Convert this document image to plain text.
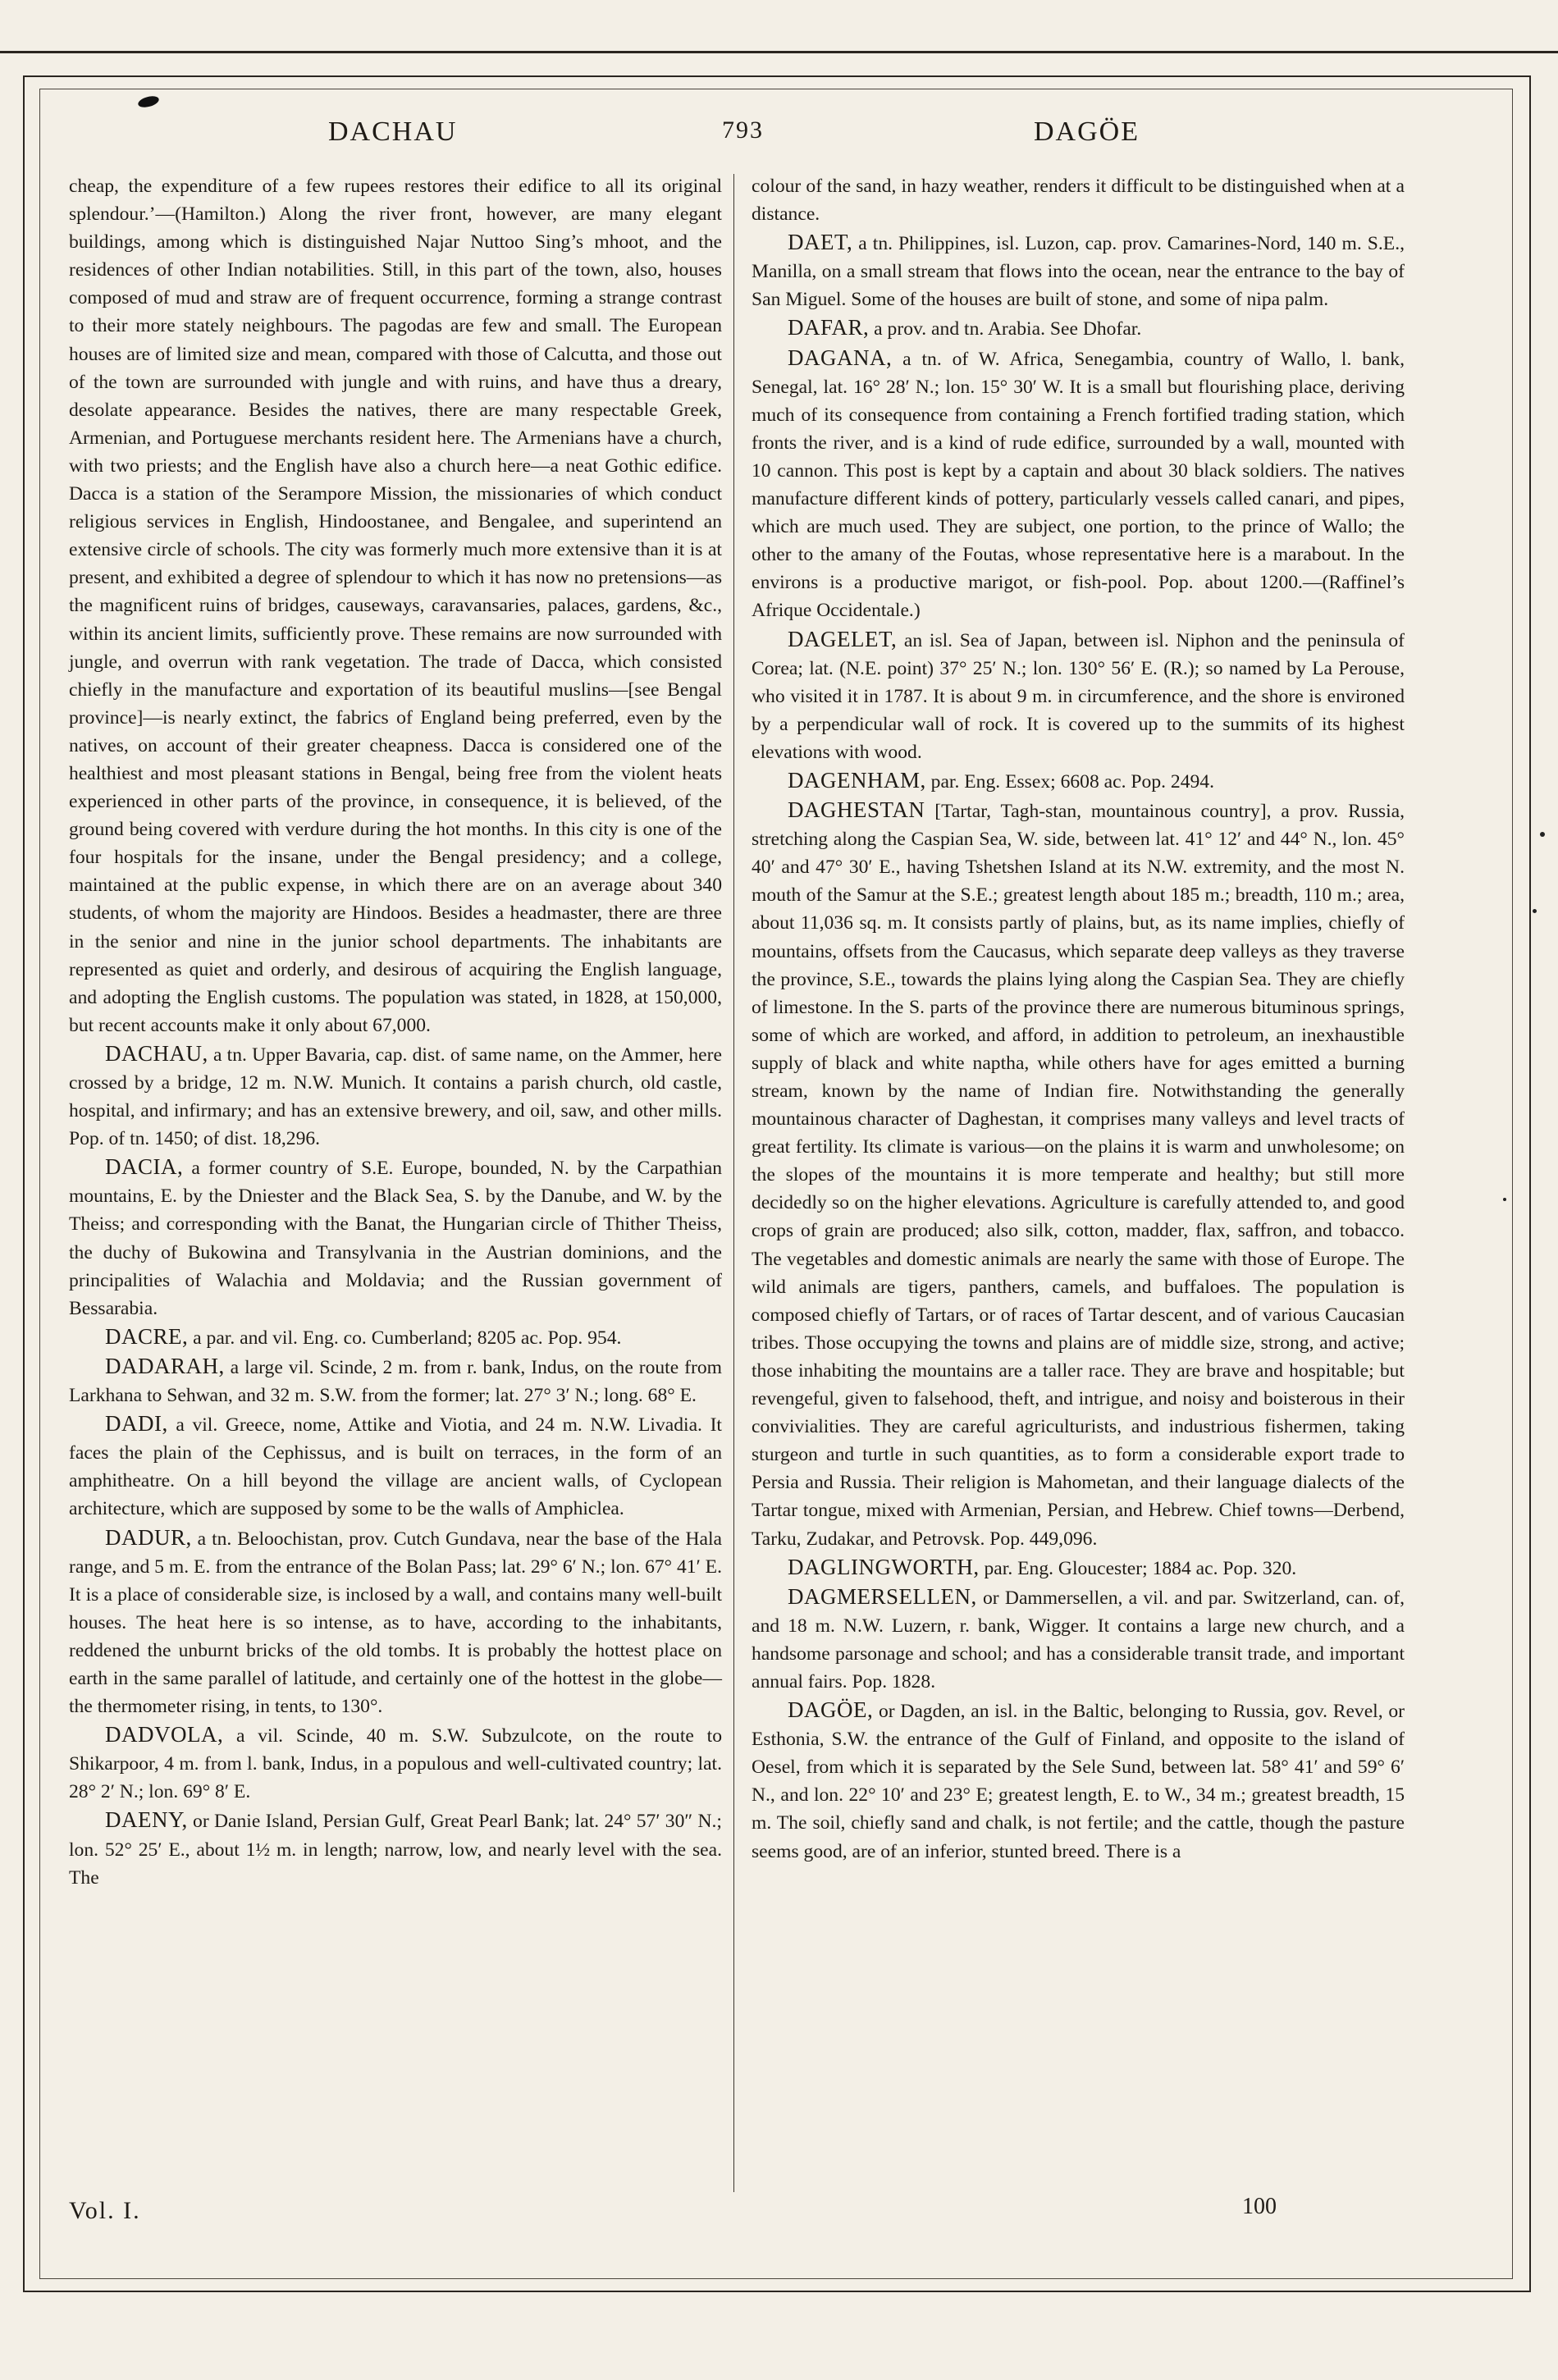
DACHAU	793	DAGÖE

cheap, the expenditure of a few rupees restores their edifice to all its original splendour.’—(Hamilton.) Along the river front, however, are many elegant buildings, among which is distinguished Najar Nuttoo Sing’s mhoot, and the residences of other Indian notabilities. Still, in this part of the town, also, houses composed of mud and straw are of frequent occurrence, forming a strange contrast to their more stately neighbours. The pagodas are few and small. The European houses are of limited size and mean, compared with those of Calcutta, and those out of the town are surrounded with jungle and with ruins, and have thus a dreary, desolate appearance. Besides the natives, there are many respectable Greek, Armenian, and Portuguese merchants resident here. The Armenians have a church, with two priests; and the English have also a church here—a neat Gothic edifice. Dacca is a station of the Serampore Mission, the missionaries of which conduct religious services in English, Hindoostanee, and Bengalee, and superintend an extensive circle of schools. The city was formerly much more extensive than it is at present, and exhibited a degree of splendour to which it has now no pretensions—as the magnificent ruins of bridges, causeways, caravansaries, palaces, gardens, &c., within its ancient limits, sufficiently prove. These remains are now surrounded with jungle, and overrun with rank vegetation. The trade of Dacca, which consisted chiefly in the manufacture and exportation of its beautiful muslins—[see Bengal province]—is nearly extinct, the fabrics of England being preferred, even by the natives, on account of their greater cheapness. Dacca is considered one of the healthiest and most pleasant stations in Bengal, being free from the violent heats experienced in other parts of the province, in consequence, it is believed, of the ground being covered with verdure during the hot months. In this city is one of the four hospitals for the insane, under the Bengal presidency; and a college, maintained at the public expense, in which there are on an average about 340 students, of whom the majority are Hindoos. Besides a headmaster, there are three in the senior and nine in the junior school departments. The inhabitants are represented as quiet and orderly, and desirous of acquiring the English language, and adopting the English customs. The population was stated, in 1828, at 150,000, but recent accounts make it only about 67,000.

DACHAU, a tn. Upper Bavaria, cap. dist. of same name, on the Ammer, here crossed by a bridge, 12 m. N.W. Munich. It contains a parish church, old castle, hospital, and infirmary; and has an extensive brewery, and oil, saw, and other mills. Pop. of tn. 1450; of dist. 18,296.

DACIA, a former country of S.E. Europe, bounded, N. by the Carpathian mountains, E. by the Dniester and the Black Sea, S. by the Danube, and W. by the Theiss; and corresponding with the Banat, the Hungarian circle of Thither Theiss, the duchy of Bukowina and Transylvania in the Austrian dominions, and the principalities of Walachia and Moldavia; and the Russian government of Bessarabia.

DACRE, a par. and vil. Eng. co. Cumberland; 8205 ac. Pop. 954.

DADARAH, a large vil. Scinde, 2 m. from r. bank, Indus, on the route from Larkhana to Sehwan, and 32 m. S.W. from the former; lat. 27° 3′ N.; long. 68° E.

DADI, a vil. Greece, nome, Attike and Viotia, and 24 m. N.W. Livadia. It faces the plain of the Cephissus, and is built on terraces, in the form of an amphitheatre. On a hill beyond the village are ancient walls, of Cyclopean architecture, which are supposed by some to be the walls of Amphiclea.

DADUR, a tn. Beloochistan, prov. Cutch Gundava, near the base of the Hala range, and 5 m. E. from the entrance of the Bolan Pass; lat. 29° 6′ N.; lon. 67° 41′ E. It is a place of considerable size, is inclosed by a wall, and contains many well-built houses. The heat here is so intense, as to have, according to the inhabitants, reddened the unburnt bricks of the old tombs. It is probably the hottest place on earth in the same parallel of latitude, and certainly one of the hottest in the globe—the thermometer rising, in tents, to 130°.

DADVOLA, a vil. Scinde, 40 m. S.W. Subzulcote, on the route to Shikarpoor, 4 m. from l. bank, Indus, in a populous and well-cultivated country; lat. 28° 2′ N.; lon. 69° 8′ E.

DAENY, or Danie Island, Persian Gulf, Great Pearl Bank; lat. 24° 57′ 30″ N.; lon. 52° 25′ E., about 1½ m. in length; narrow, low, and nearly level with the sea. The

colour of the sand, in hazy weather, renders it difficult to be distinguished when at a distance.

DAET, a tn. Philippines, isl. Luzon, cap. prov. Camarines-Nord, 140 m. S.E., Manilla, on a small stream that flows into the ocean, near the entrance to the bay of San Miguel. Some of the houses are built of stone, and some of nipa palm.

DAFAR, a prov. and tn. Arabia. See Dhofar.

DAGANA, a tn. of W. Africa, Senegambia, country of Wallo, l. bank, Senegal, lat. 16° 28′ N.; lon. 15° 30′ W. It is a small but flourishing place, deriving much of its consequence from containing a French fortified trading station, which fronts the river, and is a kind of rude edifice, surrounded by a wall, mounted with 10 cannon. This post is kept by a captain and about 30 black soldiers. The natives manufacture different kinds of pottery, particularly vessels called canari, and pipes, which are much used. They are subject, one portion, to the prince of Wallo; the other to the amany of the Foutas, whose representative here is a marabout. In the environs is a productive marigot, or fish-pool. Pop. about 1200.—(Raffinel’s Afrique Occidentale.)

DAGELET, an isl. Sea of Japan, between isl. Niphon and the peninsula of Corea; lat. (N.E. point) 37° 25′ N.; lon. 130° 56′ E. (R.); so named by La Perouse, who visited it in 1787. It is about 9 m. in circumference, and the shore is environed by a perpendicular wall of rock. It is covered up to the summits of its highest elevations with wood.

DAGENHAM, par. Eng. Essex; 6608 ac. Pop. 2494.

DAGHESTAN [Tartar, Tagh-stan, mountainous country], a prov. Russia, stretching along the Caspian Sea, W. side, between lat. 41° 12′ and 44° N., lon. 45° 40′ and 47° 30′ E., having Tshetshen Island at its N.W. extremity, and the most N. mouth of the Samur at the S.E.; greatest length about 185 m.; breadth, 110 m.; area, about 11,036 sq. m. It consists partly of plains, but, as its name implies, chiefly of mountains, offsets from the Caucasus, which separate deep valleys as they traverse the province, S.E., towards the plains lying along the Caspian Sea. They are chiefly of limestone. In the S. parts of the province there are numerous bituminous springs, some of which are worked, and afford, in addition to petroleum, an inexhaustible supply of black and white naptha, while others have for ages emitted a burning stream, known by the name of Indian fire. Notwithstanding the generally mountainous character of Daghestan, it comprises many valleys and level tracts of great fertility. Its climate is various—on the plains it is warm and unwholesome; on the slopes of the mountains it is more temperate and healthy; but still more decidedly so on the higher elevations. Agriculture is carefully attended to, and good crops of grain are produced; also silk, cotton, madder, flax, saffron, and tobacco. The vegetables and domestic animals are nearly the same with those of Europe. The wild animals are tigers, panthers, camels, and buffaloes. The population is composed chiefly of Tartars, or of races of Tartar descent, and of various Caucasian tribes. Those occupying the towns and plains are of middle size, strong, and active; those inhabiting the mountains are a taller race. They are brave and hospitable; but revengeful, given to falsehood, theft, and intrigue, and noisy and boisterous in their convivialities. They are careful agriculturists, and industrious fishermen, taking sturgeon and turtle in such quantities, as to form a considerable export trade to Persia and Russia. Their religion is Mahometan, and their language dialects of the Tartar tongue, mixed with Armenian, Persian, and Hebrew. Chief towns—Derbend, Tarku, Zudakar, and Petrovsk. Pop. 449,096.

DAGLINGWORTH, par. Eng. Gloucester; 1884 ac. Pop. 320.

DAGMERSELLEN, or Dammersellen, a vil. and par. Switzerland, can. of, and 18 m. N.W. Luzern, r. bank, Wigger. It contains a large new church, and a handsome parsonage and school; and has a considerable transit trade, and important annual fairs. Pop. 1828.

DAGÖE, or Dagden, an isl. in the Baltic, belonging to Russia, gov. Revel, or Esthonia, S.W. the entrance of the Gulf of Finland, and opposite to the island of Oesel, from which it is separated by the Sele Sund, between lat. 58° 41′ and 59° 6′ N., and lon. 22° 10′ and 23° E; greatest length, E. to W., 34 m.; greatest breadth, 15 m. The soil, chiefly sand and chalk, is not fertile; and the cattle, though the pasture seems good, are of an inferior, stunted breed. There is a

Vol. I.	100
